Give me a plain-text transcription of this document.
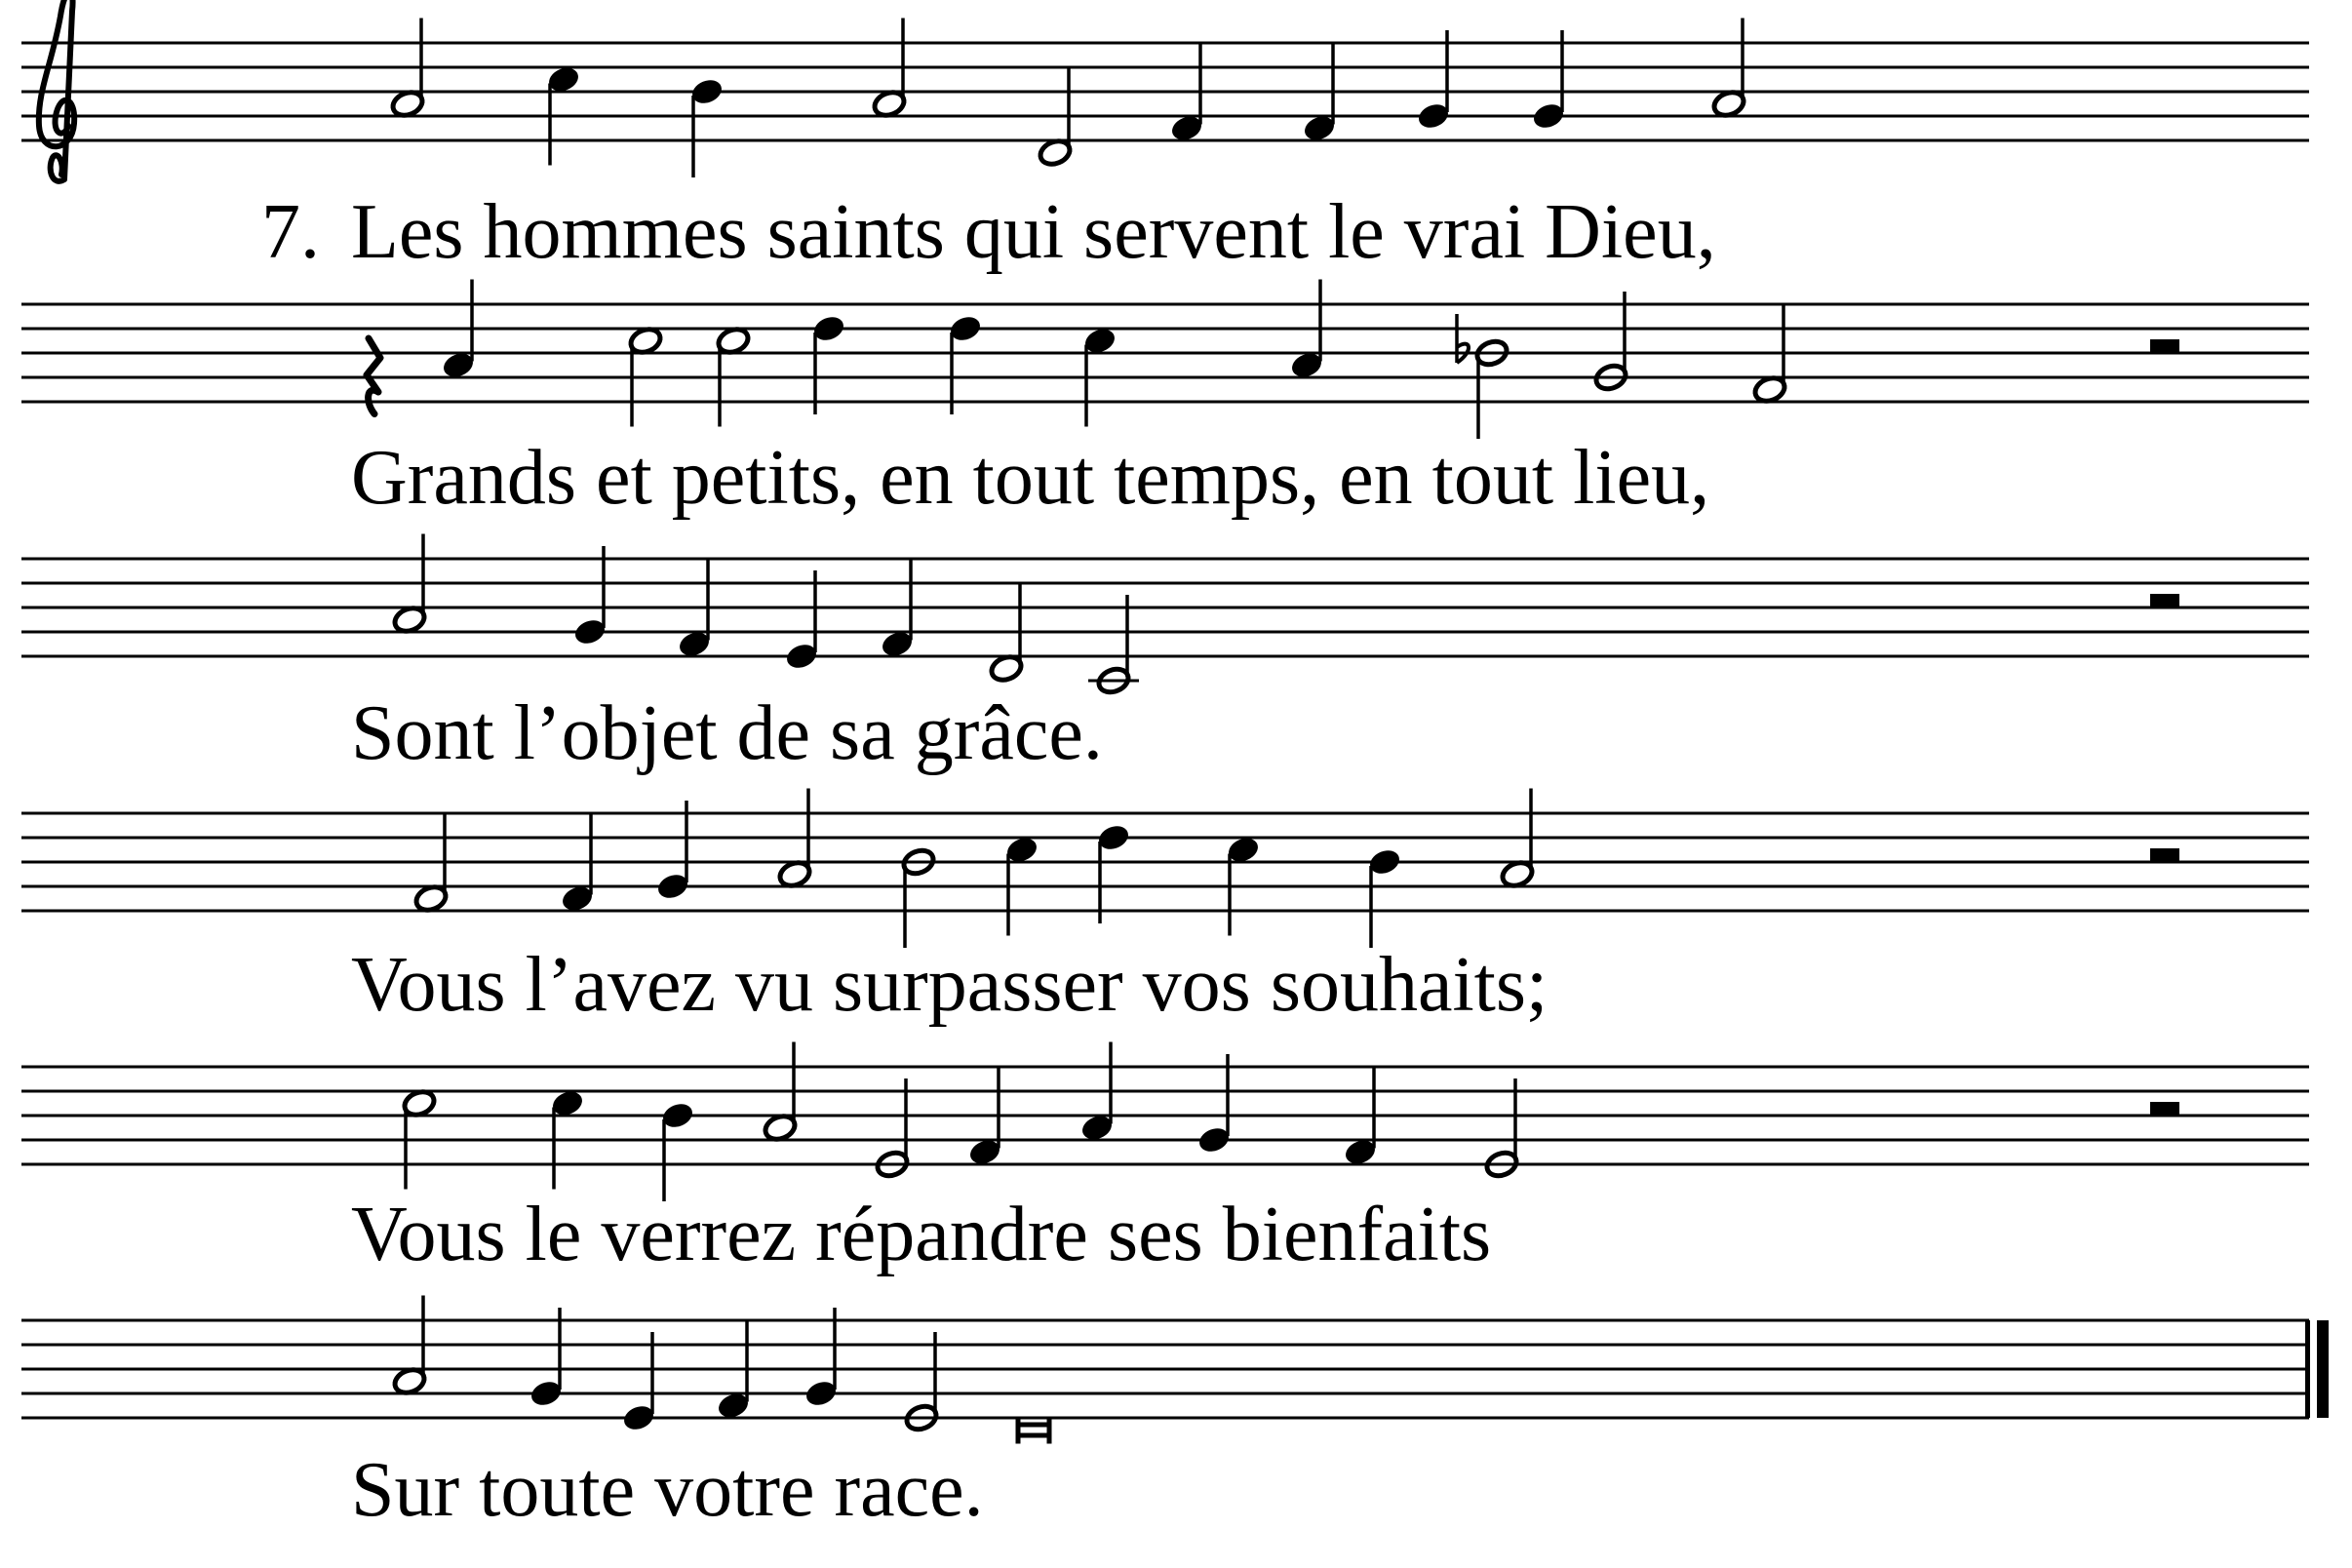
7. Les hommes saints qui servent le vrai Dieu,
Grands et petits, en tout temps, en tout lieu,
Sont l’objet de sa grâce.
Vous l’avez vu surpasser vos souhaits;
Vous le verrez répandre ses bienfaits
Sur toute votre race.
